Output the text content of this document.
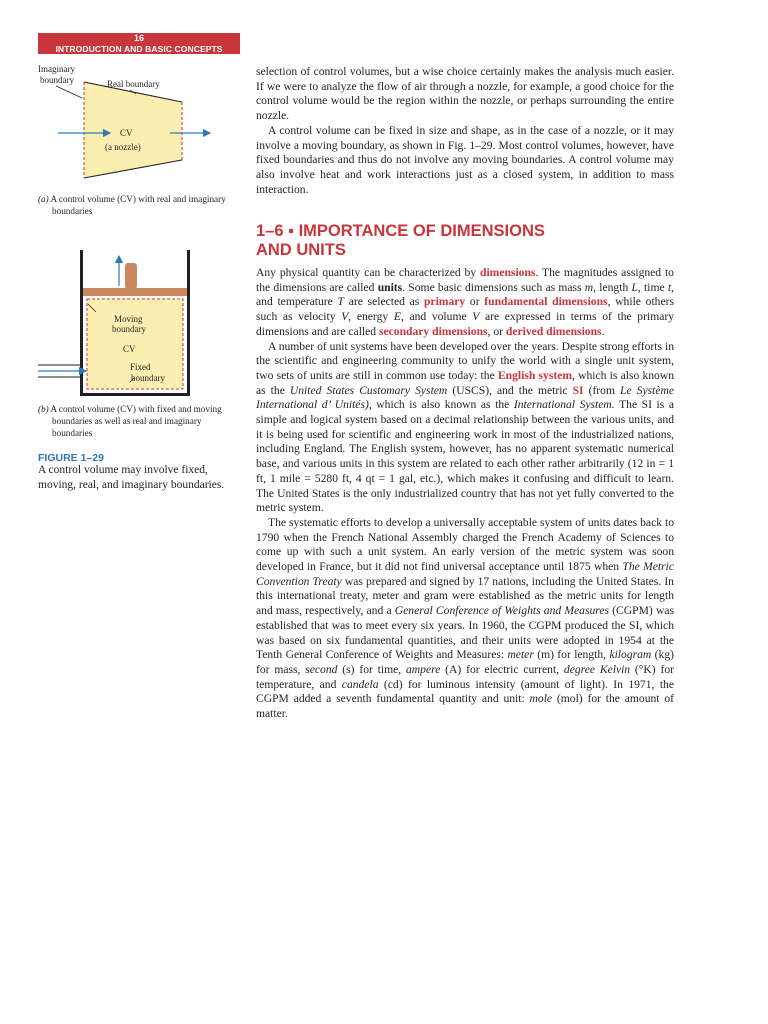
16
INTRODUCTION AND BASIC CONCEPTS
Imaginary
boundary	Real boundary
CV
(a nozzle)
(a) A control volume (CV) with real and imaginary boundaries
Moving
boundary
CV
Fixed
boundary
(b) A control volume (CV) with fixed and moving boundaries as well as real and imaginary boundaries
FIGURE 1–29
A control volume may involve fixed, moving, real, and imaginary boundaries.

selection of control volumes, but a wise choice certainly makes the analysis much easier. If we were to analyze the flow of air through a nozzle, for example, a good choice for the control volume would be the region within the nozzle, or perhaps surrounding the entire nozzle.

A control volume can be fixed in size and shape, as in the case of a nozzle, or it may involve a moving boundary, as shown in Fig. 1–29. Most control volumes, however, have fixed boundaries and thus do not involve any moving boundaries. A control volume may also involve heat and work interactions just as a closed system, in addition to mass interaction.

1–6 ▪ IMPORTANCE OF DIMENSIONS
AND UNITS

Any physical quantity can be characterized by dimensions. The magnitudes assigned to the dimensions are called units. Some basic dimensions such as mass m, length L, time t, and temperature T are selected as primary or fundamental dimensions, while others such as velocity V, energy E, and volume V are expressed in terms of the primary dimensions and are called secondary dimensions, or derived dimensions.

A number of unit systems have been developed over the years. Despite strong efforts in the scientific and engineering community to unify the world with a single unit system, two sets of units are still in common use today: the English system, which is also known as the United States Customary System (USCS), and the metric SI (from Le Système International d’ Unités), which is also known as the International System. The SI is a simple and logical system based on a decimal relationship between the various units, and it is being used for scientific and engineering work in most of the industrialized nations, including England. The English system, however, has no apparent systematic numerical base, and various units in this system are related to each other rather arbitrarily (12 in = 1 ft, 1 mile = 5280 ft, 4 qt = 1 gal, etc.), which makes it confusing and difficult to learn. The United States is the only industrialized country that has not yet fully converted to the metric system.

The systematic efforts to develop a universally acceptable system of units dates back to 1790 when the French National Assembly charged the French Academy of Sciences to come up with such a unit system. An early version of the metric system was soon developed in France, but it did not find universal acceptance until 1875 when The Metric Convention Treaty was prepared and signed by 17 nations, including the United States. In this international treaty, meter and gram were established as the metric units for length and mass, respectively, and a General Conference of Weights and Measures (CGPM) was established that was to meet every six years. In 1960, the CGPM produced the SI, which was based on six fundamental quantities, and their units were adopted in 1954 at the Tenth General Conference of Weights and Measures: meter (m) for length, kilogram (kg) for mass, second (s) for time, ampere (A) for electric current, degree Kelvin (°K) for temperature, and candela (cd) for luminous intensity (amount of light). In 1971, the CGPM added a seventh fundamental quantity and unit: mole (mol) for the amount of matter.
